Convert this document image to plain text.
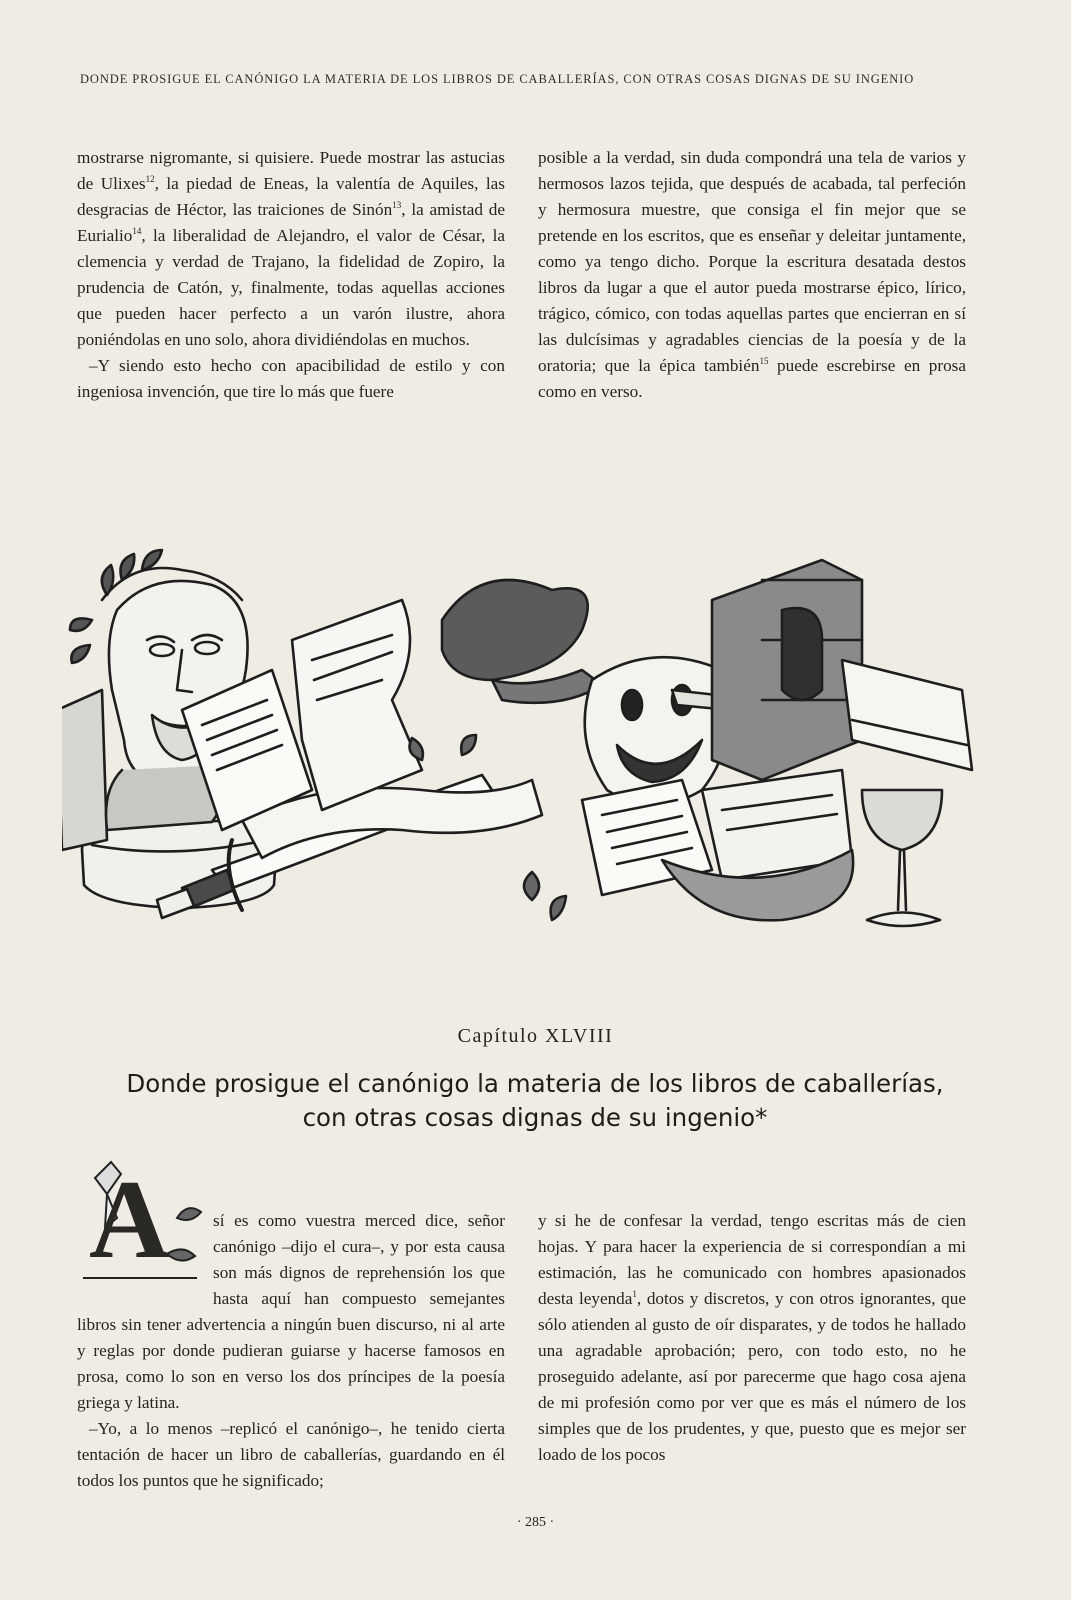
DONDE PROSIGUE EL CANÓNIGO LA MATERIA DE LOS LIBROS DE CABALLERÍAS, CON OTRAS COSAS DIGNAS DE SU INGENIO

mostrarse nigromante, si quisiere. Puede mostrar las astucias de Ulixes$^{12}$, la piedad de Eneas, la valentía de Aquiles, las desgracias de Héctor, las traiciones de Sinón$^{13}$, la amistad de Eurialio$^{14}$, la liberalidad de Alejandro, el valor de César, la clemencia y verdad de Trajano, la fidelidad de Zopiro, la prudencia de Catón, y, finalmente, todas aquellas acciones que pueden hacer perfecto a un varón ilustre, ahora poniéndolas en uno solo, ahora dividiéndolas en muchos.

–Y siendo esto hecho con apacibilidad de estilo y con ingeniosa invención, que tire lo más que fuere

posible a la verdad, sin duda compondrá una tela de varios y hermosos lazos tejida, que después de acabada, tal perfeción y hermosura muestre, que consiga el fin mejor que se pretende en los escritos, que es enseñar y deleitar juntamente, como ya tengo dicho. Porque la escritura desatada destos libros da lugar a que el autor pueda mostrarse épico, lírico, trágico, cómico, con todas aquellas partes que encierran en sí las dulcísimas y agradables ciencias de la poesía y de la oratoria; que la épica también$^{15}$ puede escrebirse en prosa como en verso.

Capítulo XLVIII
Donde prosigue el canónigo la materia de los libros de caballerías,
con otras cosas dignas de su ingenio*
A	sí es como vuestra merced dice, señor canónigo –dijo el cura–, y por esta causa son más dignos de reprehensión los que hasta aquí han compuesto semejantes libros sin tener advertencia a ningún buen discurso, ni al arte y reglas por donde pudieran guiarse y hacerse famosos en prosa, como lo son en verso los dos príncipes de la poesía griega y latina.

–Yo, a lo menos –replicó el canónigo–, he tenido cierta tentación de hacer un libro de caballerías, guardando en él todos los puntos que he significado;

y si he de confesar la verdad, tengo escritas más de cien hojas. Y para hacer la experiencia de si correspondían a mi estimación, las he comunicado con hombres apasionados desta leyenda$^1$, dotos y discretos, y con otros ignorantes, que sólo atienden al gusto de oír disparates, y de todos he hallado una agradable aprobación; pero, con todo esto, no he proseguido adelante, así por parecerme que hago cosa ajena de mi profesión como por ver que es más el número de los simples que de los prudentes, y que, puesto que es mejor ser loado de los pocos

· 285 ·
